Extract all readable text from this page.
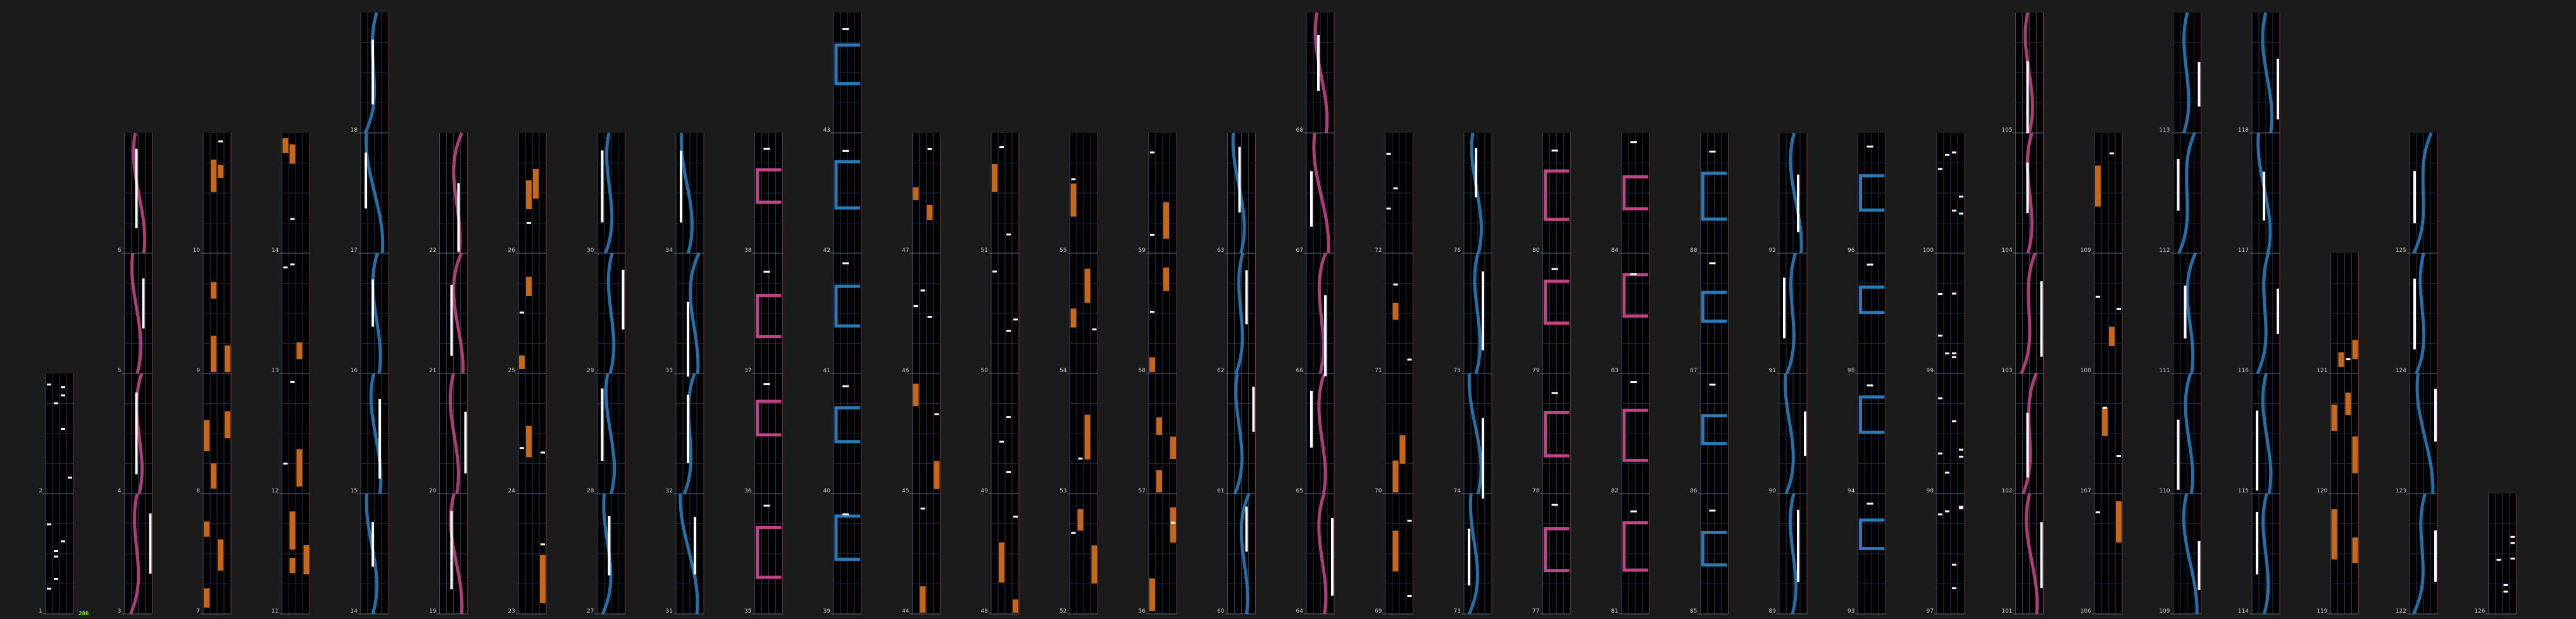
1
2
3
4
5
6
7
8
9
10
11
12
13
14
14
15
16
17
18
19
20
21
22
23
24
25
26
27
28
29
30
31
32
33
34
35
36
37
38
39
40
41
42
43
44
45
46
47
48
49
50
51
52
53
54
55
56
57
58
59
60
61
62
63
64
65
66
67
68
69
70
71
72
73
74
75
76
77
78
79
80
81
82
83
84
85
86
87
88
89
90
91
92
93
94
95
96
97
98
99
100
101
102
103
104
105
106
107
108
109
109
110
111
112
113
114
115
116
117
118
119
120
121
122
123
124
125
126
286
